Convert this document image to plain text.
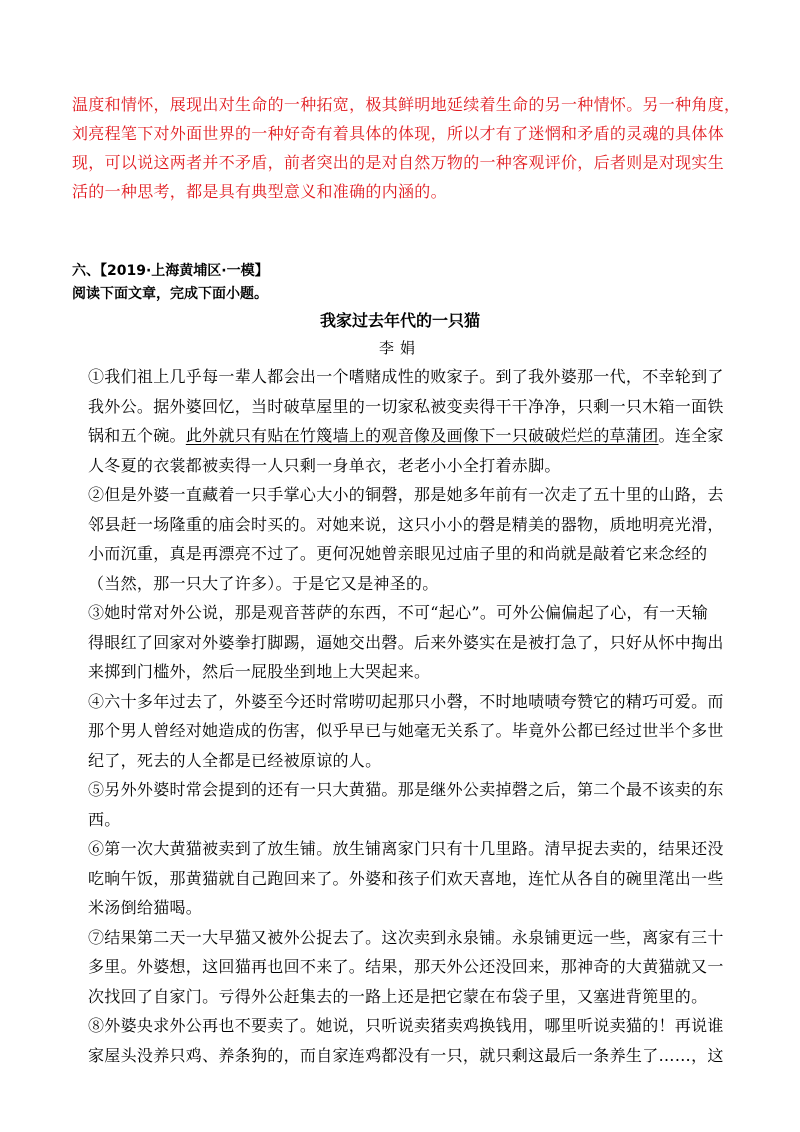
温度和情怀，展现出对生命的一种拓宽，极其鲜明地延续着生命的另一种情怀。另一种角度，

刘亮程笔下对外面世界的一种好奇有着具体的体现，所以才有了迷惘和矛盾的灵魂的具体体

现，可以说这两者并不矛盾，前者突出的是对自然万物的一种客观评价，后者则是对现实生

活的一种思考，都是具有典型意义和准确的内涵的。

六、【2019·上海黄埔区·一模】
阅读下面文章，完成下面小题。
我家过去年代的一只猫
李娟

①我们祖上几乎每一辈人都会出一个嗜赌成性的败家子。到了我外婆那一代，不幸轮到了

我外公。据外婆回忆，当时破草屋里的一切家私被变卖得干干净净，只剩一只木箱一面铁

锅和五个碗。此外就只有贴在竹篾墙上的观音像及画像下一只破破烂烂的草蒲团。连全家

人冬夏的衣裳都被卖得一人只剩一身单衣，老老小小全打着赤脚。

②但是外婆一直藏着一只手掌心大小的铜磬，那是她多年前有一次走了五十里的山路，去

邻县赶一场隆重的庙会时买的。对她来说，这只小小的磬是精美的器物，质地明亮光滑，

小而沉重，真是再漂亮不过了。更何况她曾亲眼见过庙子里的和尚就是敲着它来念经的

（当然，那一只大了许多）。于是它又是神圣的。

③她时常对外公说，那是观音菩萨的东西，不可“起心”。可外公偏偏起了心，有一天输

得眼红了回家对外婆拳打脚踢，逼她交出磬。后来外婆实在是被打急了，只好从怀中掏出

来掷到门槛外，然后一屁股坐到地上大哭起来。

④六十多年过去了，外婆至今还时常唠叨起那只小磬，不时地啧啧夸赞它的精巧可爱。而

那个男人曾经对她造成的伤害，似乎早已与她毫无关系了。毕竟外公都已经过世半个多世

纪了，死去的人全都是已经被原谅的人。

⑤另外外婆时常会提到的还有一只大黄猫。那是继外公卖掉磬之后，第二个最不该卖的东

西。

⑥第一次大黄猫被卖到了放生铺。放生铺离家门只有十几里路。清早捉去卖的，结果还没

吃晌午饭，那黄猫就自己跑回来了。外婆和孩子们欢天喜地，连忙从各自的碗里滗出一些

米汤倒给猫喝。

⑦结果第二天一大早猫又被外公捉去了。这次卖到永泉铺。永泉铺更远一些，离家有三十

多里。外婆想，这回猫再也回不来了。结果，那天外公还没回来，那神奇的大黄猫就又一

次找回了自家门。亏得外公赶集去的一路上还是把它蒙在布袋子里，又塞进背篼里的。

⑧外婆央求外公再也不要卖了。她说，只听说卖猪卖鸡换钱用，哪里听说卖猫的！再说谁

家屋头没养只鸡、养条狗的，而自家连鸡都没有一只，就只剩这最后一条养生了……，这
